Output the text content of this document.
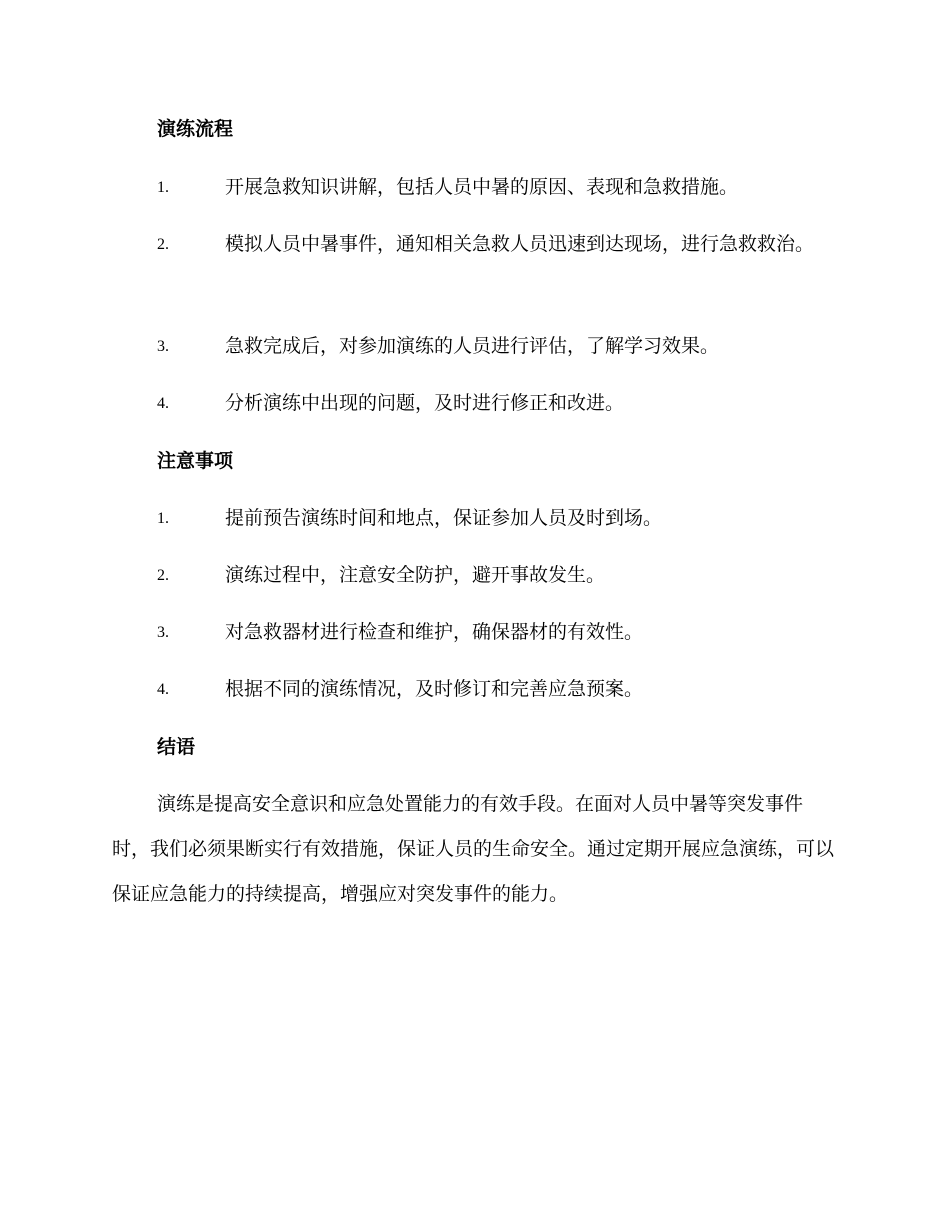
演练流程
1.	开展急救知识讲解，包括人员中暑的原因、表现和急救措施。
2.	模拟人员中暑事件，通知相关急救人员迅速到达现场，进行急救救治。
3.	急救完成后，对参加演练的人员进行评估，了解学习效果。
4.	分析演练中出现的问题，及时进行修正和改进。
注意事项
1.	提前预告演练时间和地点，保证参加人员及时到场。
2.	演练过程中，注意安全防护，避开事故发生。
3.	对急救器材进行检查和维护，确保器材的有效性。
4.	根据不同的演练情况，及时修订和完善应急预案。
结语
演练是提高安全意识和应急处置能力的有效手段。在面对人员中暑等突发事件时，我们必须果断实行有效措施，保证人员的生命安全。通过定期开展应急演练，可以保证应急能力的持续提高，增强应对突发事件的能力。
